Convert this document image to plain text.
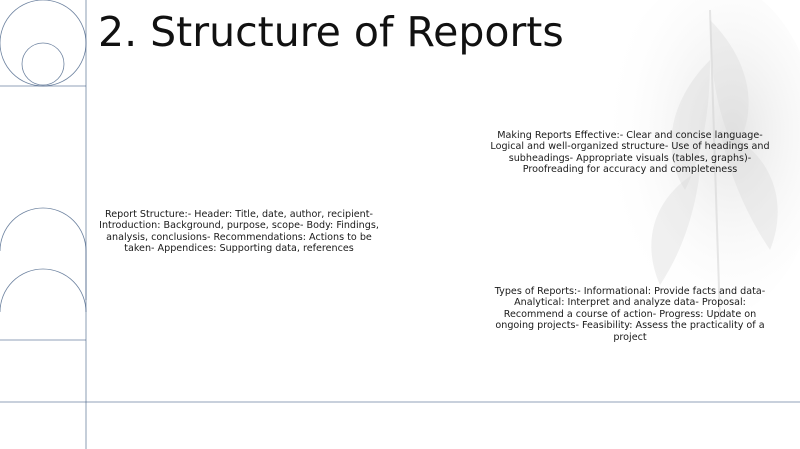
2. Structure of Reports

Report Structure:- Header: Title, date, author, recipient- Introduction: Background, purpose, scope- Body: Findings, analysis, conclusions- Recommendations: Actions to be taken- Appendices: Supporting data, references

Making Reports Effective:- Clear and concise language- Logical and well-organized structure- Use of headings and subheadings- Appropriate visuals (tables, graphs)- Proofreading for accuracy and completeness

Types of Reports:- Informational: Provide facts and data- Analytical: Interpret and analyze data- Proposal: Recommend a course of action- Progress: Update on ongoing projects- Feasibility: Assess the practicality of a project
